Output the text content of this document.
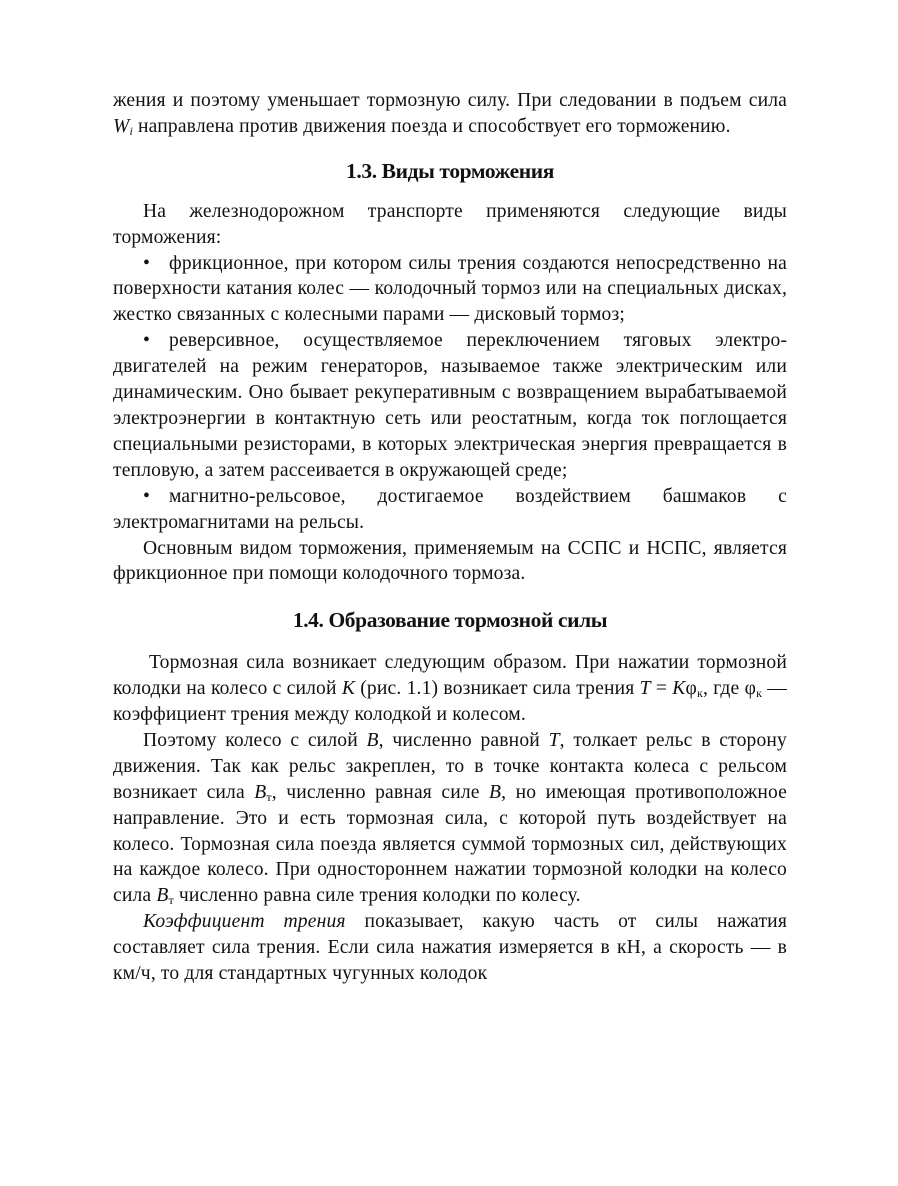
жения и поэтому уменьшает тормозную силу. При следовании в подъем сила $W_i$ направлена против движения поезда и способствует его торможению.

1.3. Виды торможения

На железнодорожном транспорте применяются следующие виды торможения:

• фрикционное, при котором силы трения создаются непосредственно на поверхности катания колес — колодочный тормоз или на специальных дисках, жестко связанных с колесными парами — дисковый тормоз;

• реверсивное, осуществляемое переключением тяговых электродвигателей на режим генераторов, называемое также электрическим или динамическим. Оно бывает рекуперативным с возвращением вырабатываемой электроэнергии в контактную сеть или реостатным, когда ток поглощается специальными резисторами, в которых электрическая энергия превращается в тепловую, а затем рассеивается в окружающей среде;

• магнитно-рельсовое, достигаемое воздействием башмаков с электромагнитами на рельсы.

Основным видом торможения, применяемым на ССПС и НСПС, является фрикционное при помощи колодочного тормоза.

1.4. Образование тормозной силы

Тормозная сила возникает следующим образом. При нажатии тормозной колодки на колесо с силой K (рис. 1.1) возникает сила трения $T = K\varphi_к$, где $\varphi_к$ — коэффициент трения между колодкой и колесом.

Поэтому колесо с силой B, численно равной T, толкает рельс в сторону движения. Так как рельс закреплен, то в точке контакта колеса с рельсом возникает сила $B_т$, численно равная силе B, но имеющая противоположное направление. Это и есть тормозная сила, с которой путь воздействует на колесо. Тормозная сила поезда является суммой тормозных сил, действующих на каждое колесо. При одностороннем нажатии тормозной колодки на колесо сила $B_т$ численно равна силе трения колодки по колесу.

Коэффициент трения показывает, какую часть от силы нажатия составляет сила трения. Если сила нажатия измеряется в кН, а скорость — в км/ч, то для стандартных чугунных колодок
